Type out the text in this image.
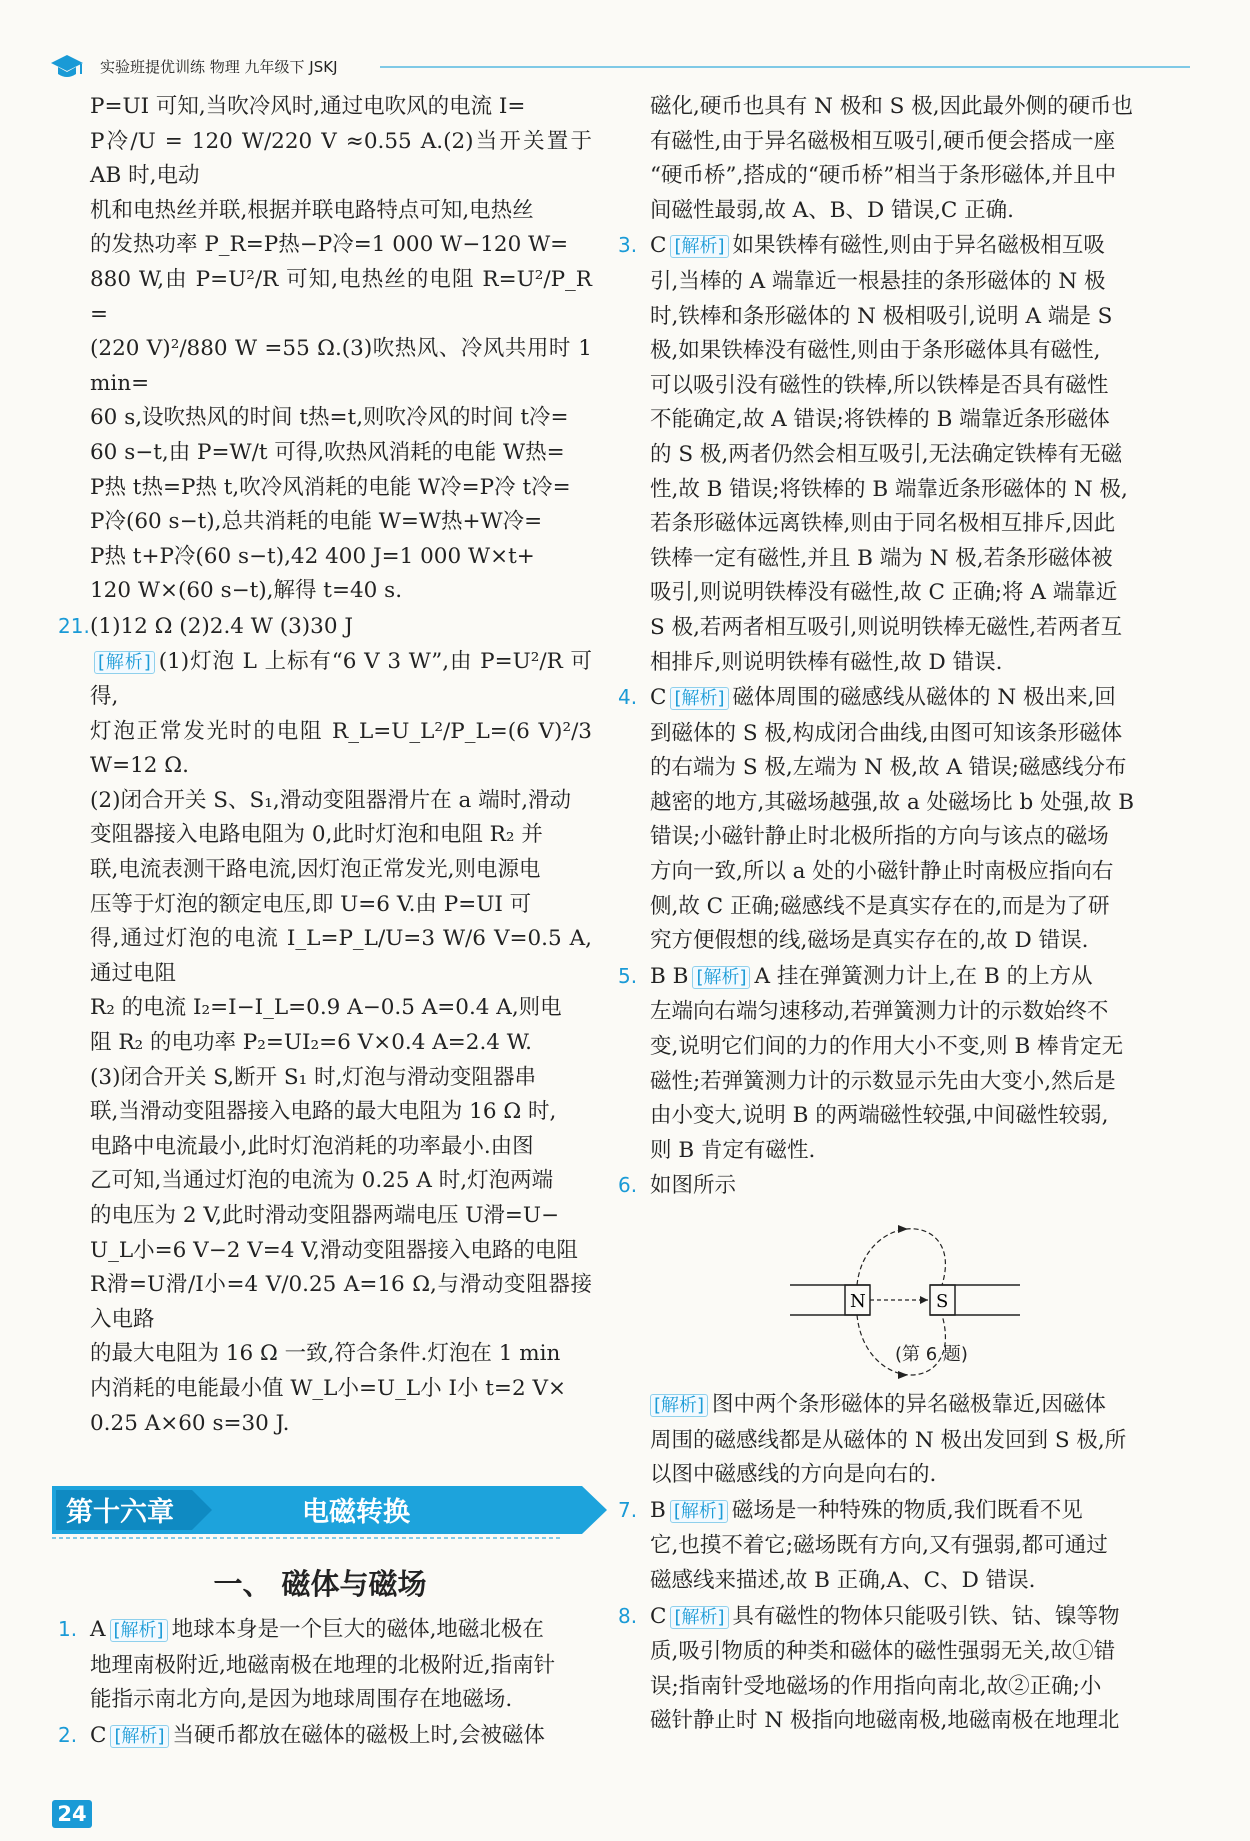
实验班提优训练 物理 九年级下 JSKJ

P=UI 可知,当吹冷风时,通过电吹风的电流 I=

P冷/U = 120 W/220 V ≈0.55 A.(2)当开关置于 AB 时,电动

机和电热丝并联,根据并联电路特点可知,电热丝

的发热功率 P_R=P热−P冷=1 000 W−120 W=

880 W,由 P=U²/R 可知,电热丝的电阻 R=U²/P_R =

(220 V)²/880 W =55 Ω.(3)吹热风、冷风共用时 1 min=

60 s,设吹热风的时间 t热=t,则吹冷风的时间 t冷=

60 s−t,由 P=W/t 可得,吹热风消耗的电能 W热=

P热 t热=P热 t,吹冷风消耗的电能 W冷=P冷 t冷=

P冷(60 s−t),总共消耗的电能 W=W热+W冷=

P热 t+P冷(60 s−t),42 400 J=1 000 W×t+

120 W×(60 s−t),解得 t=40 s.

21.(1)12 Ω (2)2.4 W (3)30 J

[解析] (1)灯泡 L 上标有“6 V 3 W”,由 P=U²/R 可得,

灯泡正常发光时的电阻 R_L=U_L²/P_L=(6 V)²/3 W=12 Ω.

(2)闭合开关 S、S₁,滑动变阻器滑片在 a 端时,滑动

变阻器接入电路电阻为 0,此时灯泡和电阻 R₂ 并

联,电流表测干路电流,因灯泡正常发光,则电源电

压等于灯泡的额定电压,即 U=6 V.由 P=UI 可

得,通过灯泡的电流 I_L=P_L/U=3 W/6 V=0.5 A,通过电阻

R₂ 的电流 I₂=I−I_L=0.9 A−0.5 A=0.4 A,则电

阻 R₂ 的电功率 P₂=UI₂=6 V×0.4 A=2.4 W.

(3)闭合开关 S,断开 S₁ 时,灯泡与滑动变阻器串

联,当滑动变阻器接入电路的最大电阻为 16 Ω 时,

电路中电流最小,此时灯泡消耗的功率最小.由图

乙可知,当通过灯泡的电流为 0.25 A 时,灯泡两端

的电压为 2 V,此时滑动变阻器两端电压 U滑=U−

U_L小=6 V−2 V=4 V,滑动变阻器接入电路的电阻

R滑=U滑/I小=4 V/0.25 A=16 Ω,与滑动变阻器接入电路

的最大电阻为 16 Ω 一致,符合条件.灯泡在 1 min

内消耗的电能最小值 W_L小=U_L小 I小 t=2 V×

0.25 A×60 s=30 J.

第十六章	电磁转换
一、 磁体与磁场

1. A [解析] 地球本身是一个巨大的磁体,地磁北极在

地理南极附近,地磁南极在地理的北极附近,指南针

能指示南北方向,是因为地球周围存在地磁场.

2. C [解析] 当硬币都放在磁体的磁极上时,会被磁体

磁化,硬币也具有 N 极和 S 极,因此最外侧的硬币也

有磁性,由于异名磁极相互吸引,硬币便会搭成一座

“硬币桥”,搭成的“硬币桥”相当于条形磁体,并且中

间磁性最弱,故 A、B、D 错误,C 正确.

3. C [解析] 如果铁棒有磁性,则由于异名磁极相互吸

引,当棒的 A 端靠近一根悬挂的条形磁体的 N 极

时,铁棒和条形磁体的 N 极相吸引,说明 A 端是 S

极,如果铁棒没有磁性,则由于条形磁体具有磁性,

可以吸引没有磁性的铁棒,所以铁棒是否具有磁性

不能确定,故 A 错误;将铁棒的 B 端靠近条形磁体

的 S 极,两者仍然会相互吸引,无法确定铁棒有无磁

性,故 B 错误;将铁棒的 B 端靠近条形磁体的 N 极,

若条形磁体远离铁棒,则由于同名极相互排斥,因此

铁棒一定有磁性,并且 B 端为 N 极,若条形磁体被

吸引,则说明铁棒没有磁性,故 C 正确;将 A 端靠近

S 极,若两者相互吸引,则说明铁棒无磁性,若两者互

相排斥,则说明铁棒有磁性,故 D 错误.

4. C [解析] 磁体周围的磁感线从磁体的 N 极出来,回

到磁体的 S 极,构成闭合曲线,由图可知该条形磁体

的右端为 S 极,左端为 N 极,故 A 错误;磁感线分布

越密的地方,其磁场越强,故 a 处磁场比 b 处强,故 B

错误;小磁针静止时北极所指的方向与该点的磁场

方向一致,所以 a 处的小磁针静止时南极应指向右

侧,故 C 正确;磁感线不是真实存在的,而是为了研

究方便假想的线,磁场是真实存在的,故 D 错误.

5. B B [解析] A 挂在弹簧测力计上,在 B 的上方从

左端向右端匀速移动,若弹簧测力计的示数始终不

变,说明它们间的力的作用大小不变,则 B 棒肯定无

磁性;若弹簧测力计的示数显示先由大变小,然后是

由小变大,说明 B 的两端磁性较强,中间磁性较弱,

则 B 肯定有磁性.

6. 如图所示

N	S
(第 6 题)

[解析] 图中两个条形磁体的异名磁极靠近,因磁体

周围的磁感线都是从磁体的 N 极出发回到 S 极,所

以图中磁感线的方向是向右的.

7. B [解析] 磁场是一种特殊的物质,我们既看不见

它,也摸不着它;磁场既有方向,又有强弱,都可通过

磁感线来描述,故 B 正确,A、C、D 错误.

8. C [解析] 具有磁性的物体只能吸引铁、钴、镍等物

质,吸引物质的种类和磁体的磁性强弱无关,故①错

误;指南针受地磁场的作用指向南北,故②正确;小

磁针静止时 N 极指向地磁南极,地磁南极在地理北

24
